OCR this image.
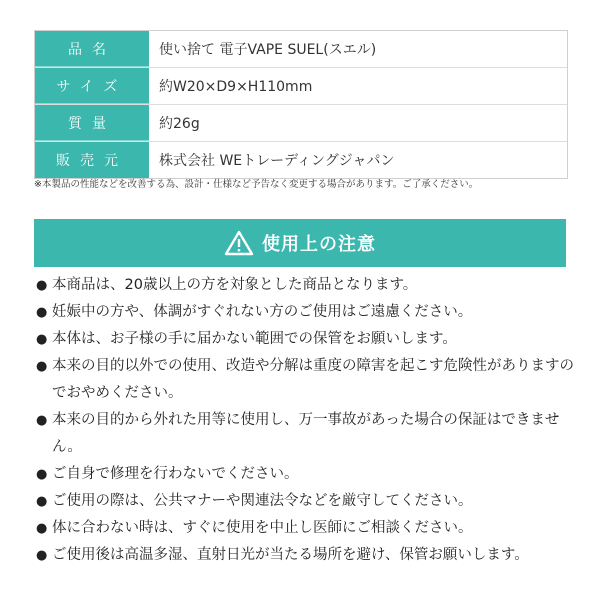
品名	使い捨て 電子VAPE SUEL(スエル)
サイズ	約W20×D9×H110mm
質量	約26g
販売元	株式会社 WEトレーディングジャパン
※本製品の性能などを改善する為、設計・仕様など予告なく変更する場合があります。ご了承ください。
使用上の注意
● 本商品は、20歳以上の方を対象とした商品となります。
● 妊娠中の方や、体調がすぐれない方のご使用はご遠慮ください。
● 本体は、お子様の手に届かない範囲での保管をお願いします。
● 本来の目的以外での使用、改造や分解は重度の障害を起こす危険性がありますのでおやめください。
● 本来の目的から外れた用等に使用し、万一事故があった場合の保証はできません。
● ご自身で修理を行わないでください。
● ご使用の際は、公共マナーや関連法令などを厳守してください。
● 体に合わない時は、すぐに使用を中止し医師にご相談ください。
● ご使用後は高温多湿、直射日光が当たる場所を避け、保管お願いします。
